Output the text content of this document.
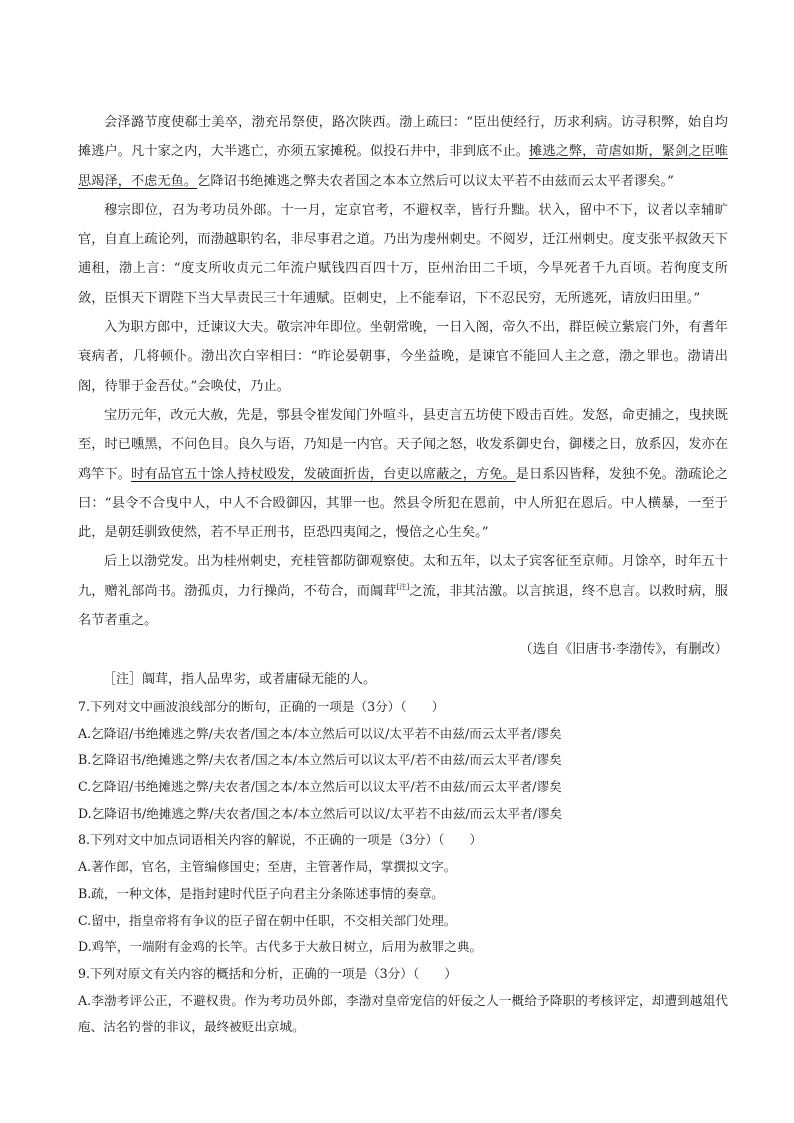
会泽潞节度使郗士美卒，渤充吊祭使，路次陕西。渤上疏曰：“臣出使经行，历求利病。访寻积弊，始自均摊逃户。凡十家之内，大半逃亡，亦须五家摊税。似投石井中，非到底不止。摊逃之弊，苛虐如斯，緊剑之臣唯思竭泽，不虑无鱼。乞降诏书绝摊逃之弊夫农者国之本本立然后可以议太平若不由兹而云太平者谬矣。”

穆宗即位，召为考功员外郎。十一月，定京官考，不避权幸，皆行升黜。状入，留中不下，议者以幸辅旷官，自直上疏论列，而渤越职钓名，非尽事君之道。乃出为虔州刺史。不阅岁，迁江州刺史。度支张平叔敛天下逋租，渤上言：“度支所收贞元二年流户赋钱四百四十万，臣州治田二千顷，今旱死者千九百顷。若徇度支所敛，臣惧天下谓陛下当大旱责民三十年逋赋。臣刺史，上不能奉诏，下不忍民穷，无所逃死，请放归田里。”

入为职方郎中，迁谏议大夫。敬宗冲年即位。坐朝常晚，一日入阁，帝久不出，群臣候立紫宸门外，有耆年衰病者，几将顿仆。渤出次白宰相曰：“昨论晏朝事，今坐益晚，是谏官不能回人主之意，渤之罪也。渤请出阁，待罪于金吾仗。”会唤仗，乃止。

宝历元年，改元大赦，先是，鄠县令崔发闻门外喧斗，县吏言五坊使下殴击百姓。发怒，命吏捕之，曳挟既至，时已曛黑，不问色目。良久与语，乃知是一内官。天子闻之怒，收发系御史台，御楼之日，放系囚，发亦在鸡竿下。时有品官五十馀人持杖殴发，发破面折齿，台吏以席蔽之，方免。是日系囚皆释，发独不免。渤疏论之曰：“县令不合曳中人，中人不合殴御囚，其罪一也。然县令所犯在恩前，中人所犯在恩后。中人横暴，一至于此，是朝廷驯致使然，若不早正刑书，臣恐四夷闻之，慢倍之心生矣。”

后上以渤党发。出为桂州刺史，充桂管都防御观察使。太和五年，以太子宾客征至京师。月馀卒，时年五十九，赠礼部尚书。渤孤贞，力行操尚，不苟合，而阘茸[注]之流，非其沽激。以言摈退，终不息言。以救时病，服名节者重之。

（选自《旧唐书·李渤传》，有删改）

［注］阘茸，指人品卑劣，或者庸碌无能的人。

7.下列对文中画波浪线部分的断句，正确的一项是（3分）（　　）

A.乞降诏/书绝摊逃之弊/夫农者/国之本/本立然后可以议/太平若不由兹/而云太平者/谬矣

B.乞降诏书/绝摊逃之弊/夫农者/国之本/本立然后可以议太平/若不由兹/而云太平者/谬矣

C.乞降诏/书绝摊逃之弊/夫农者/国之本/本立然后可以议太平/若不由兹/而云太平者/谬矣

D.乞降诏书/绝摊逃之弊/夫农者/国之本/本立然后可以议/太平若不由兹/而云太平者/谬矣

8.下列对文中加点词语相关内容的解说，不正确的一项是（3分）（　　）

A.著作郎，官名，主管编修国史；至唐，主管著作局，掌撰拟文字。

B.疏，一种文体，是指封建时代臣子向君主分条陈述事情的奏章。

C.留中，指皇帝将有争议的臣子留在朝中任职，不交相关部门处理。

D.鸡竿，一端附有金鸡的长竿。古代多于大赦日树立，后用为赦罪之典。

9.下列对原文有关内容的概括和分析，正确的一项是（3分）（　　）

A.李渤考评公正，不避权贵。作为考功员外郎，李渤对皇帝宠信的奸佞之人一概给予降职的考核评定，却遭到越俎代庖、沽名钓誉的非议，最终被贬出京城。
